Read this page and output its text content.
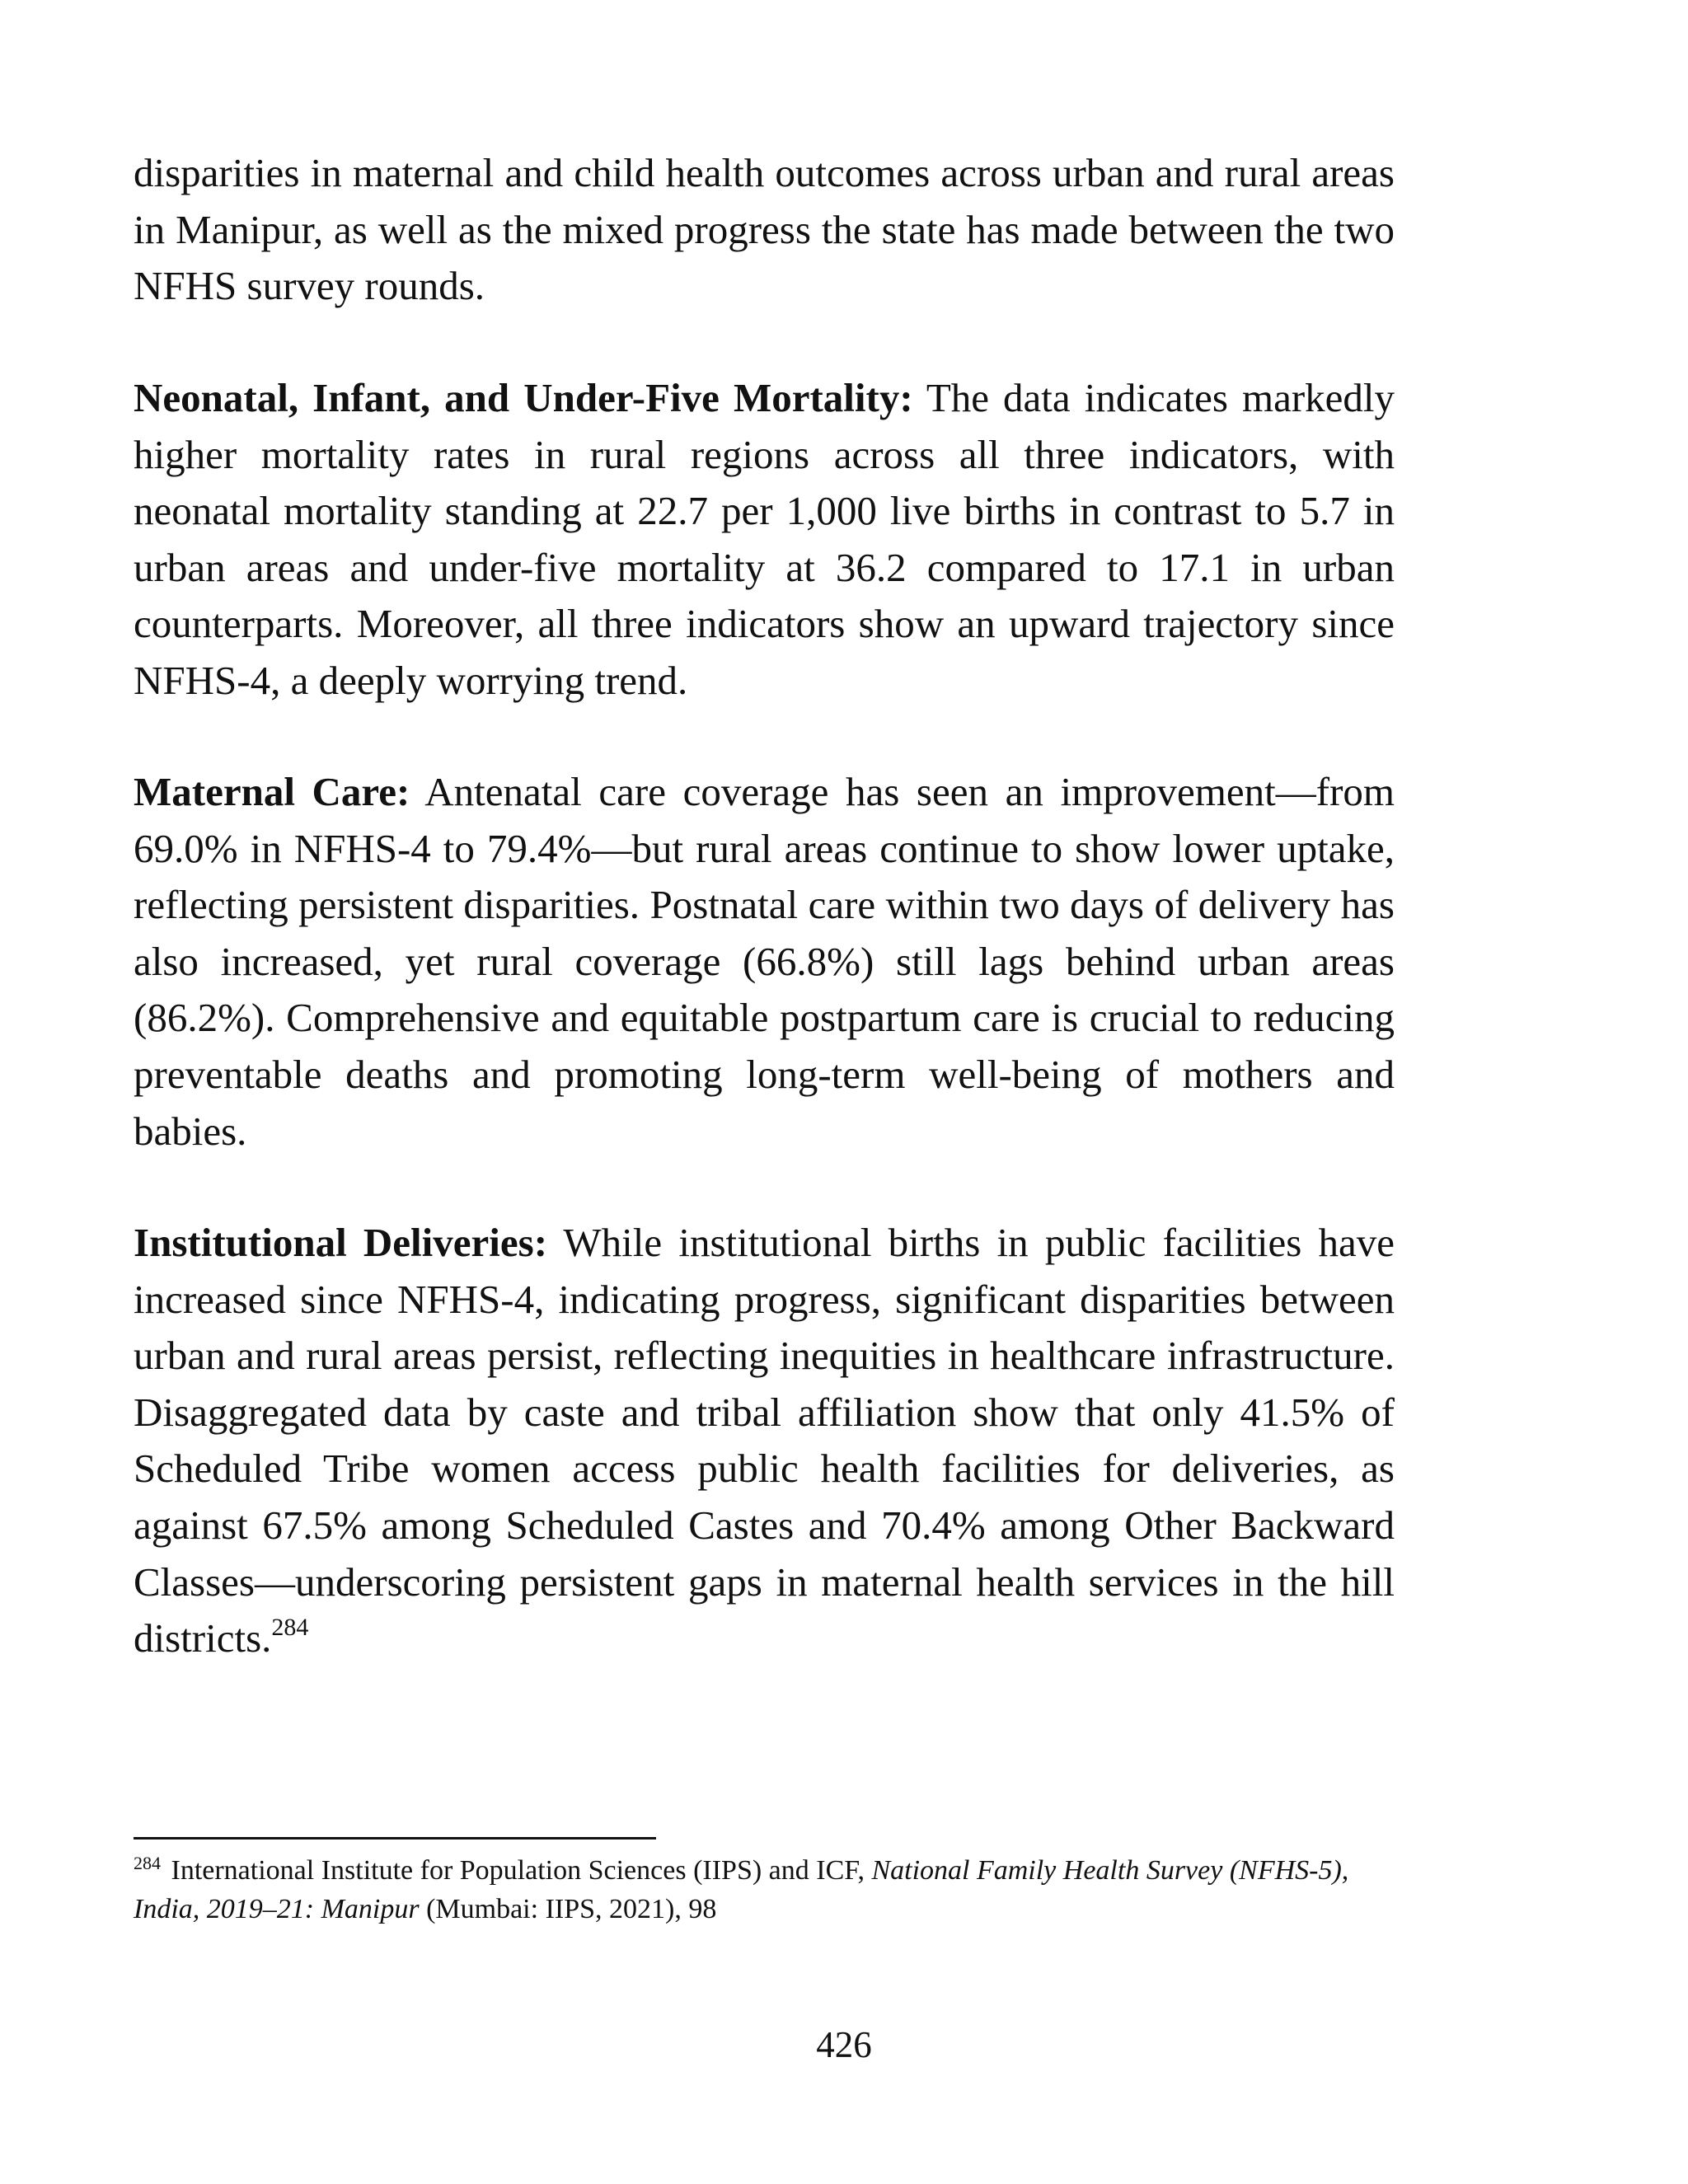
disparities in maternal and child health outcomes across urban and rural areas in Manipur, as well as the mixed progress the state has made between the two NFHS survey rounds.

Neonatal, Infant, and Under-Five Mortality: The data indicates markedly higher mortality rates in rural regions across all three indicators, with neonatal mortality standing at 22.7 per 1,000 live births in contrast to 5.7 in urban areas and under-five mortality at 36.2 compared to 17.1 in urban counterparts. Moreover, all three indicators show an upward trajectory since NFHS-4, a deeply worrying trend.

Maternal Care: Antenatal care coverage has seen an improvement—from 69.0% in NFHS-4 to 79.4%—but rural areas continue to show lower uptake, reflecting persistent disparities. Postnatal care within two days of delivery has also increased, yet rural coverage (66.8%) still lags behind urban areas (86.2%). Comprehensive and equitable postpartum care is crucial to reducing preventable deaths and promoting long-term well-being of mothers and babies.

Institutional Deliveries: While institutional births in public facilities have increased since NFHS-4, indicating progress, significant disparities between urban and rural areas persist, reflecting inequities in healthcare infrastructure. Disaggregated data by caste and tribal affiliation show that only 41.5% of Scheduled Tribe women access public health facilities for deliveries, as against 67.5% among Scheduled Castes and 70.4% among Other Backward Classes—underscoring persistent gaps in maternal health services in the hill districts.$^{284}$

$^{284}$ International Institute for Population Sciences (IIPS) and ICF, National Family Health Survey (NFHS-5), India, 2019–21: Manipur (Mumbai: IIPS, 2021), 98
426
